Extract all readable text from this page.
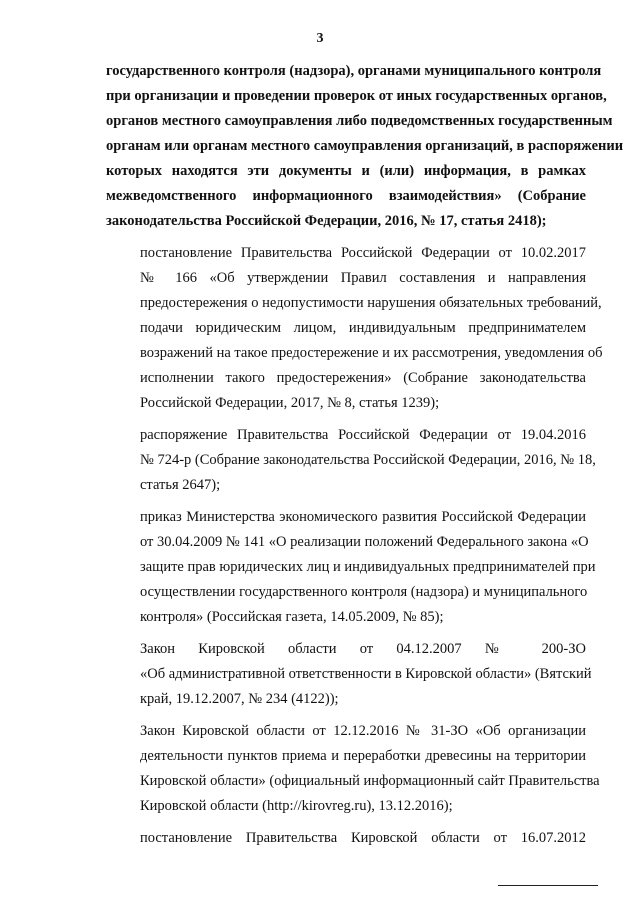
3
государственного контроля (надзора), органами муниципального контроля
при организации и проведении проверок от иных государственных органов,
органов местного самоуправления либо подведомственных государственным
органам или органам местного самоуправления организаций, в распоряжении
которых находятся эти документы и (или) информация, в рамках
межведомственного информационного взаимодействия» (Собрание
законодательства Российской Федерации, 2016, № 17, статья 2418);
постановление Правительства Российской Федерации от 10.02.2017
№ 166 «Об утверждении Правил составления и направления
предостережения о недопустимости нарушения обязательных требований,
подачи юридическим лицом, индивидуальным предпринимателем
возражений на такое предостережение и их рассмотрения, уведомления об
исполнении такого предостережения» (Собрание законодательства
Российской Федерации, 2017, № 8, статья 1239);
распоряжение Правительства Российской Федерации от 19.04.2016
№ 724-р (Собрание законодательства Российской Федерации, 2016, № 18,
статья 2647);
приказ Министерства экономического развития Российской Федерации
от 30.04.2009 № 141 «О реализации положений Федерального закона «О
защите прав юридических лиц и индивидуальных предпринимателей при
осуществлении государственного контроля (надзора) и муниципального
контроля» (Российская газета, 14.05.2009, № 85);
Закон Кировской области от 04.12.2007 № 200-ЗО
«Об административной ответственности в Кировской области» (Вятский
край, 19.12.2007, № 234 (4122));
Закон Кировской области от 12.12.2016 № 31-ЗО «Об организации
деятельности пунктов приема и переработки древесины на территории
Кировской области» (официальный информационный сайт Правительства
Кировской области (http://kirovreg.ru), 13.12.2016);
постановление Правительства Кировской области от 16.07.2012
